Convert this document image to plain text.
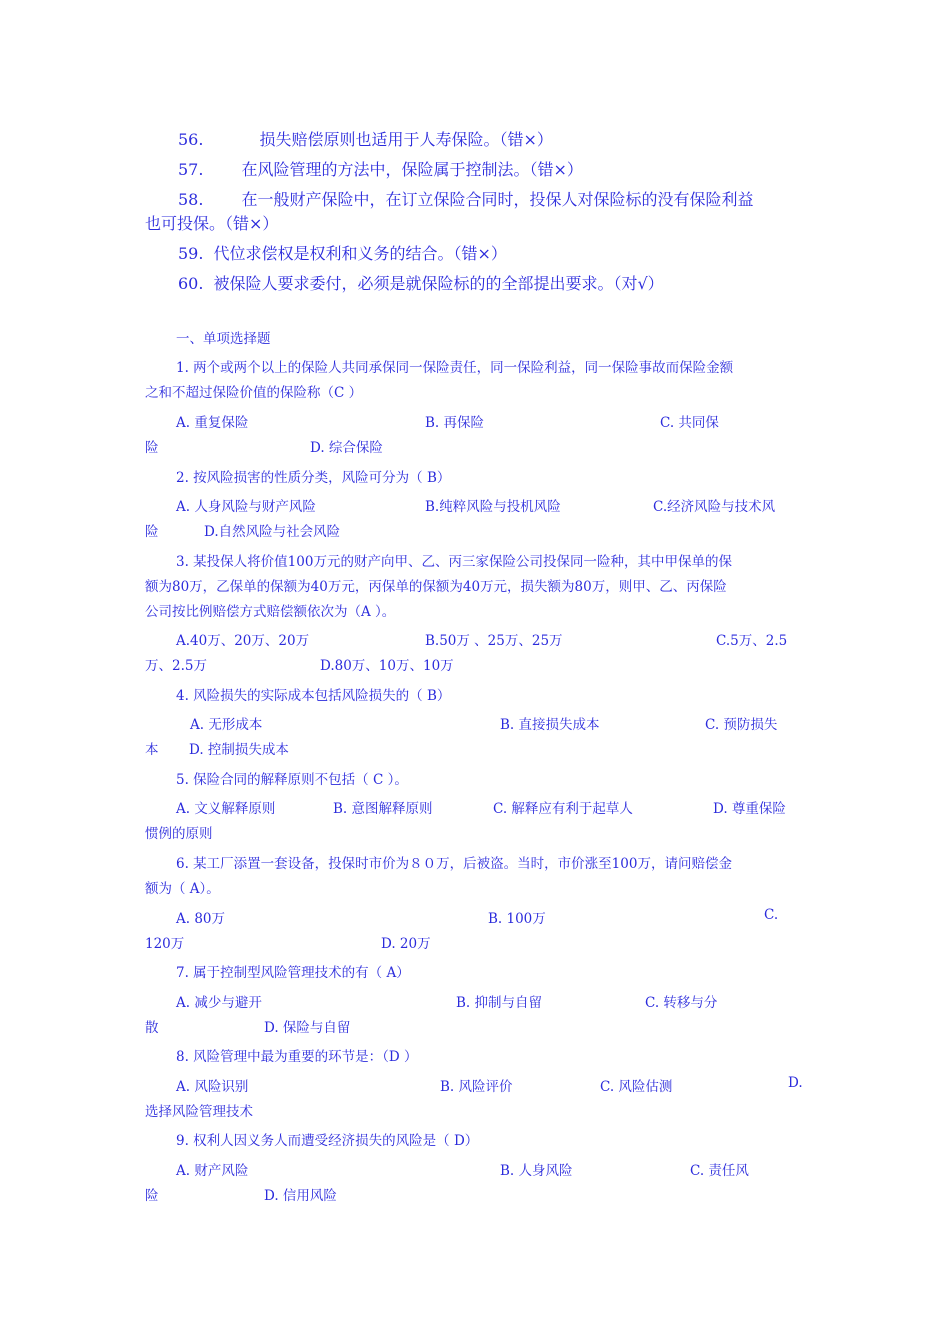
56.	损失赔偿原则也适用于人寿保险。（错×）
57. 在风险管理的方法中，保险属于控制法。（错×）
58. 在一般财产保险中，在订立保险合同时，投保人对保险标的没有保险利益
也可投保。（错×）
59. 代位求偿权是权利和义务的结合。（错×）
60. 被保险人要求委付，必须是就保险标的的全部提出要求。（对√）
一、单项选择题
1. 两个或两个以上的保险人共同承保同一保险责任，同一保险利益，同一保险事故而保险金额
之和不超过保险价值的保险称（C ）
A. 重复保险	B. 再保险	C. 共同保
险	D. 综合保险
2. 按风险损害的性质分类，风险可分为（ B）
A. 人身风险与财产风险	B.纯粹风险与投机风险	C.经济风险与技术风
险	D.自然风险与社会风险
3. 某投保人将价值100万元的财产向甲、乙、丙三家保险公司投保同一险种，其中甲保单的保
额为80万，乙保单的保额为40万元，丙保单的保额为40万元，损失额为80万，则甲、乙、丙保险
公司按比例赔偿方式赔偿额依次为（A ）。
A.40万、20万、20万	B.50万 、25万、25万	C.5万、2.5
万、2.5万	D.80万、10万、10万
4. 风险损失的实际成本包括风险损失的（ B）
A. 无形成本	B. 直接损失成本	C. 预防损失
本 D. 控制损失成本
5. 保险合同的解释原则不包括（ C ）。
A. 文义解释原则	B. 意图解释原则	C. 解释应有利于起草人	D. 尊重保险
惯例的原则
6. 某工厂添置一套设备，投保时市价为８０万，后被盗。当时，市价涨至100万，请问赔偿金
额为（ A）。
A. 80万	B. 100万	C.
120万	D. 20万
7. 属于控制型风险管理技术的有（ A）
A. 减少与避开	B. 抑制与自留	C. 转移与分
散	D. 保险与自留
8. 风险管理中最为重要的环节是：（D ）
A. 风险识别	B. 风险评价	C. 风险估测	D.
选择风险管理技术
9. 权利人因义务人而遭受经济损失的风险是（ D）
A. 财产风险	B. 人身风险	C. 责任风
险	D. 信用风险
